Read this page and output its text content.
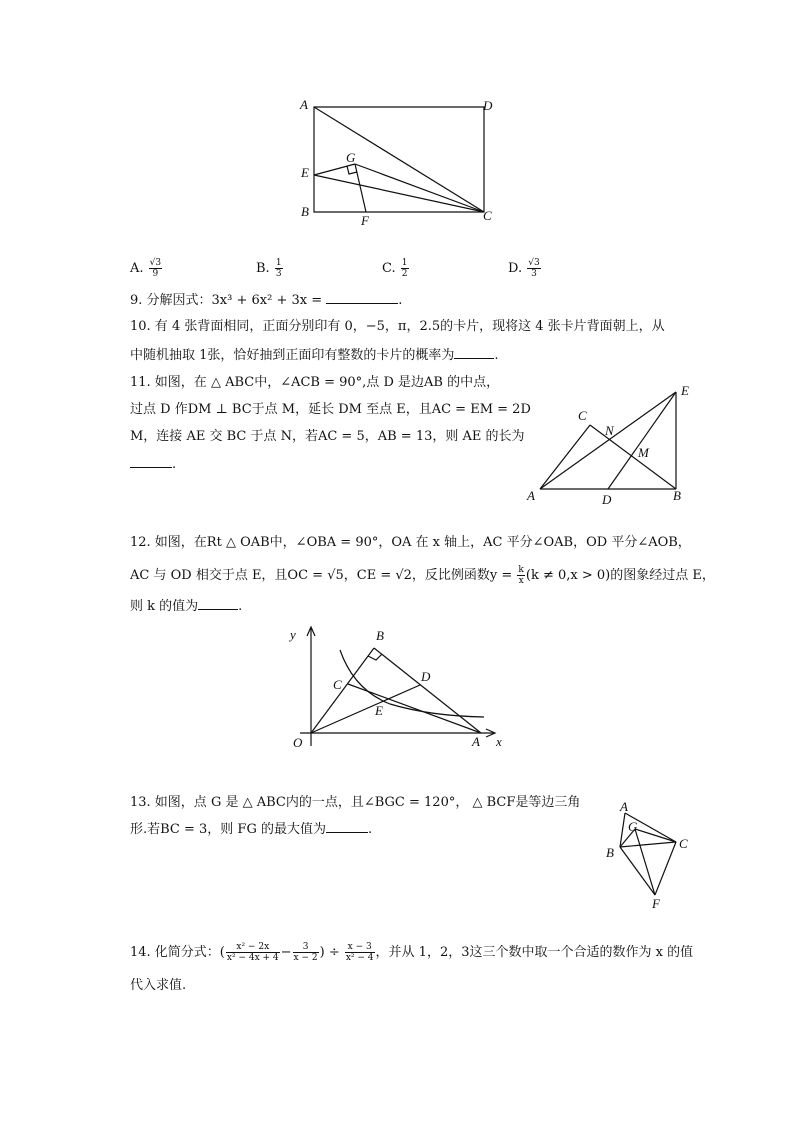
A	D
G
E
B
F	C
A. $\frac{√3}{9}$	B. $\frac{1}{3}$	C. $\frac{1}{2}$	D. $\frac{√3}{3}$
9. 分解因式：3x³ + 6x² + 3x =	.
10. 有 4 张背面相同，正面分别印有 0，−5，π，2.5的卡片，现将这 4 张卡片背面朝上，从
中随机抽取 1张，恰好抽到正面印有整数的卡片的概率为	.
11. 如图，在 △ ABC中，∠ACB = 90°,点 D 是边AB 的中点，
过点 D 作DM ⊥ BC于点 M，延长 DM 至点 E，且AC = EM = 2D
M，连接 AE 交 BC 于点 N，若AC = 5，AB = 13，则 AE 的长为
.
E
C
N
M
A	D	B
12. 如图，在Rt △ OAB中，∠OBA = 90°，OA 在 x 轴上，AC 平分∠OAB，OD 平分∠AOB，
AC 与 OD 相交于点 E，且OC = √5，CE = √2，反比例函数$y = \frac{k}{x} (k \ne 0,x > 0)$的图象经过点 E，
则 k 的值为	.
y	B
D
C
E
O	A x
13. 如图，点 G 是 △ ABC内的一点，且∠BGC = 120°， △ BCF是等边三角
形.若BC = 3，则 FG 的最大值为	.
A
G
C
B
F
14. 化简分式：( $\frac{\text{x² − 2x}}{\text{x² − 4x + 4}} - \frac{3}{x - 2}$ ) ÷ $\frac{x - 3}{\text{x² − 4}}$ ，并从 1，2，3这三个数中取一个合适的数作为 x 的值
代入求值.
